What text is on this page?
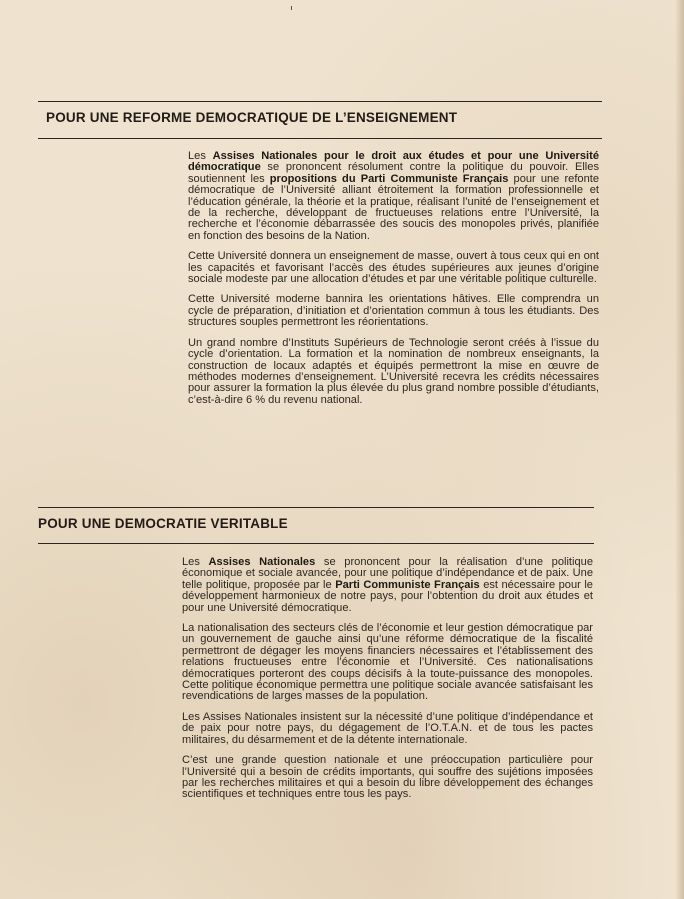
POUR UNE REFORME DEMOCRATIQUE DE L’ENSEIGNEMENT

Les Assises Nationales pour le droit aux études et pour une Université démocratique se prononcent résolument contre la politique du pouvoir. Elles soutiennent les propositions du Parti Communiste Français pour une refonte démocratique de l’Université alliant étroitement la formation professionnelle et l’éducation générale, la théorie et la pratique, réalisant l’unité de l’enseignement et de la recherche, développant de fructueuses relations entre l’Université, la recherche et l’économie débarrassée des soucis des monopoles privés, planifiée en fonction des besoins de la Nation.

Cette Université donnera un enseignement de masse, ouvert à tous ceux qui en ont les capacités et favorisant l’accès des études supérieures aux jeunes d’origine sociale modeste par une allocation d’études et par une véritable politique culturelle.

Cette Université moderne bannira les orientations hâtives. Elle comprendra un cycle de préparation, d’initiation et d’orientation commun à tous les étudiants. Des structures souples permettront les réorientations.

Un grand nombre d’Instituts Supérieurs de Technologie seront créés à l’issue du cycle d’orientation. La formation et la nomination de nombreux enseignants, la construction de locaux adaptés et équipés permettront la mise en œuvre de méthodes modernes d’enseignement. L’Université recevra les crédits nécessaires pour assurer la formation la plus élevée du plus grand nombre possible d’étudiants, c’est-à-dire 6 % du revenu national.

POUR UNE DEMOCRATIE VERITABLE

Les Assises Nationales se prononcent pour la réalisation d’une politique économique et sociale avancée, pour une politique d’indépendance et de paix. Une telle politique, proposée par le Parti Communiste Français est nécessaire pour le développement harmonieux de notre pays, pour l’obtention du droit aux études et pour une Université démocratique.

La nationalisation des secteurs clés de l’économie et leur gestion démocratique par un gouvernement de gauche ainsi qu’une réforme démocratique de la fiscalité permettront de dégager les moyens financiers nécessaires et l’établissement des relations fructueuses entre l’économie et l’Université. Ces nationalisations démocratiques porteront des coups décisifs à la toute-puissance des monopoles. Cette politique économique permettra une politique sociale avancée satisfaisant les revendications de larges masses de la population.

Les Assises Nationales insistent sur la nécessité d’une politique d’indépendance et de paix pour notre pays, du dégagement de l’O.T.A.N. et de tous les pactes militaires, du désarmement et de la détente internationale.

C’est une grande question nationale et une préoccupation particulière pour l’Université qui a besoin de crédits importants, qui souffre des sujétions imposées par les recherches militaires et qui a besoin du libre développement des échanges scientifiques et techniques entre tous les pays.
